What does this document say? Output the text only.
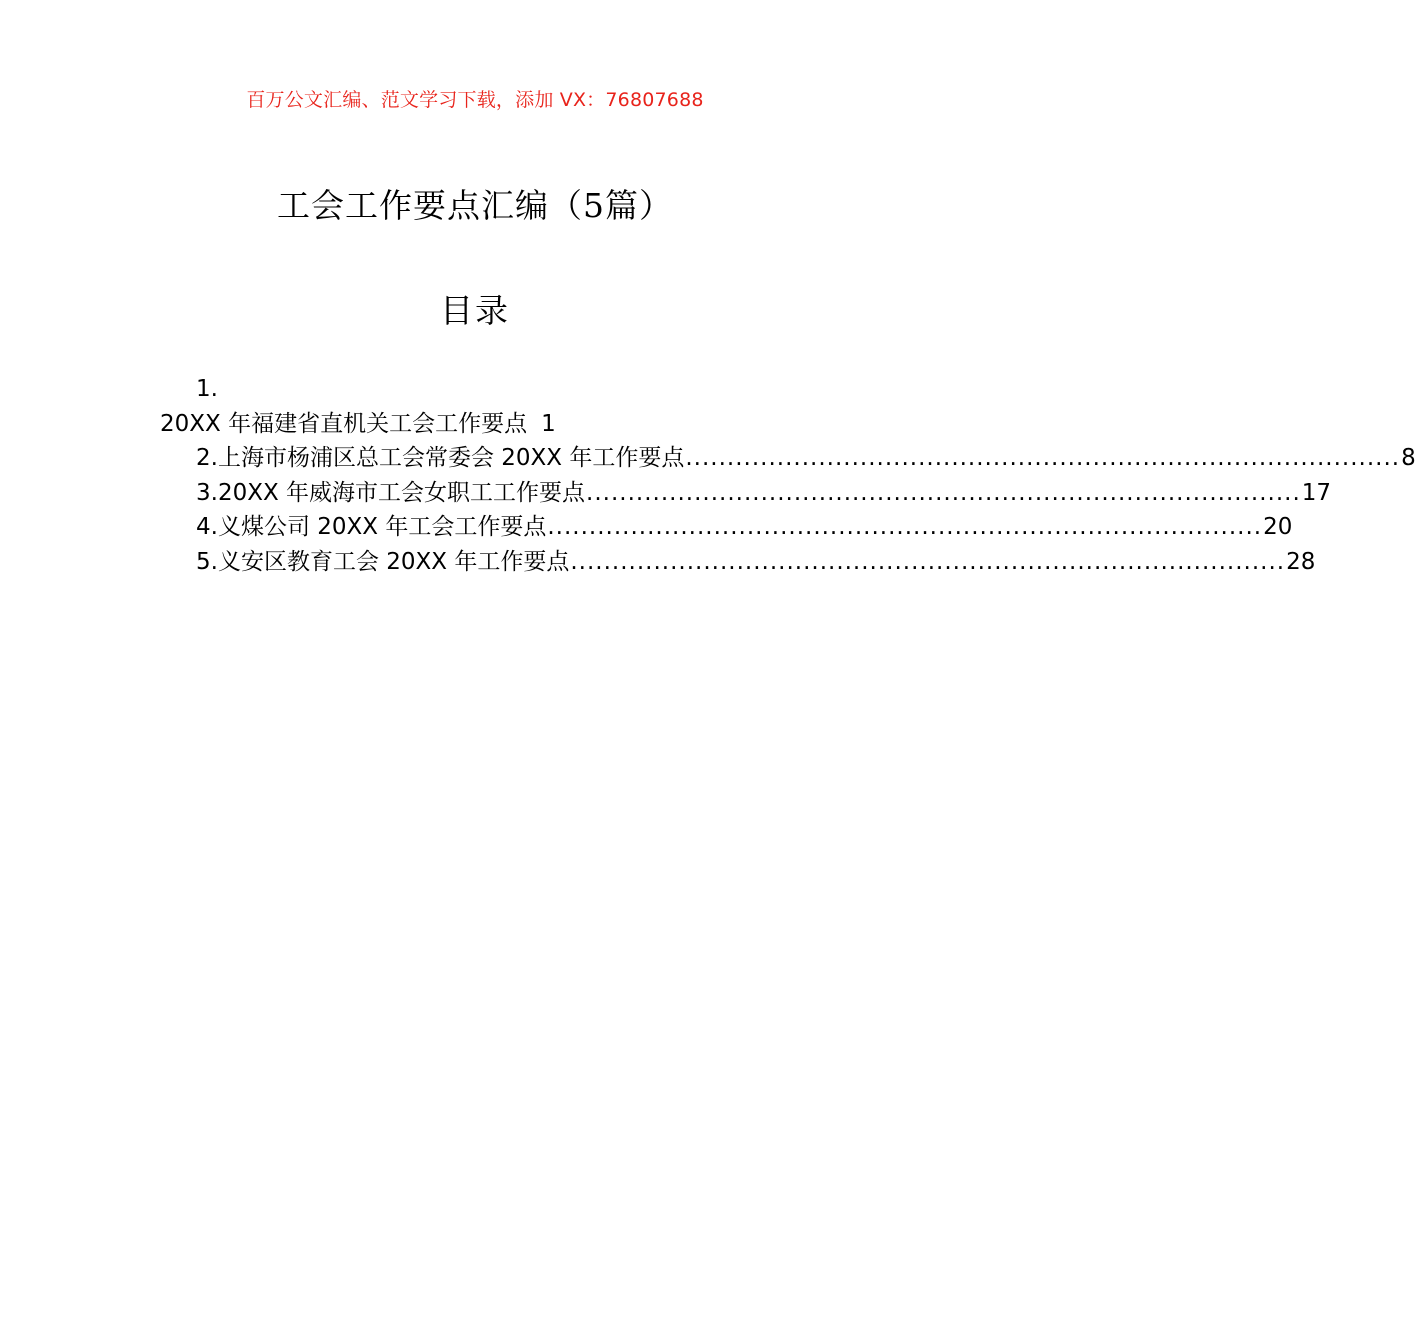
百万公文汇编、范文学习下载，添加 VX：76807688
工会工作要点汇编（5篇）
目录
1.
20XX 年福建省直机关工会工作要点 1
2.上海市杨浦区总工会常委会 20XX 年工作要点 ...................................................................................... 8
3.20XX 年威海市工会女职工工作要点 ...................................................................................... 17
4.义煤公司 20XX 年工会工作要点 ...................................................................................... 20
5.义安区教育工会 20XX 年工作要点 ...................................................................................... 28
